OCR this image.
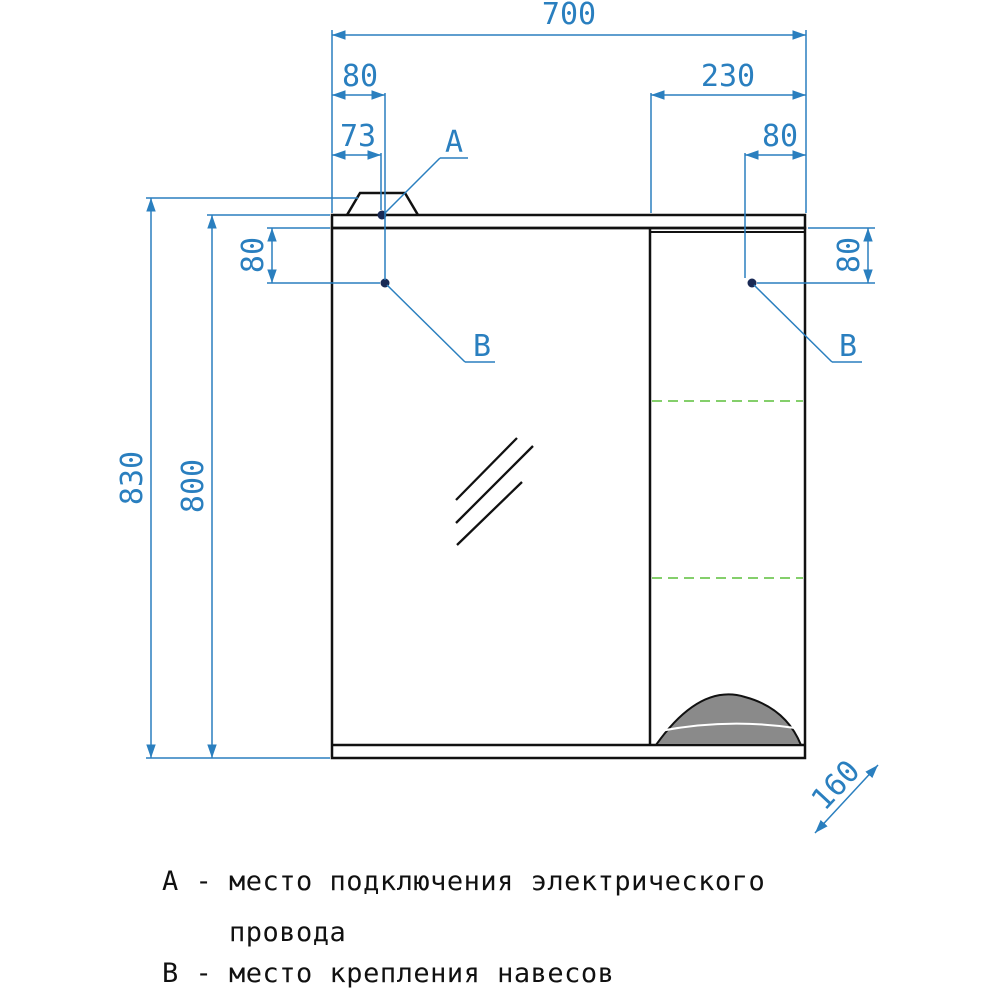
700
80
73
230
80
830 800
80	80
160
A
B	B
A - место подключения электрического
провода
B - место крепления навесов
